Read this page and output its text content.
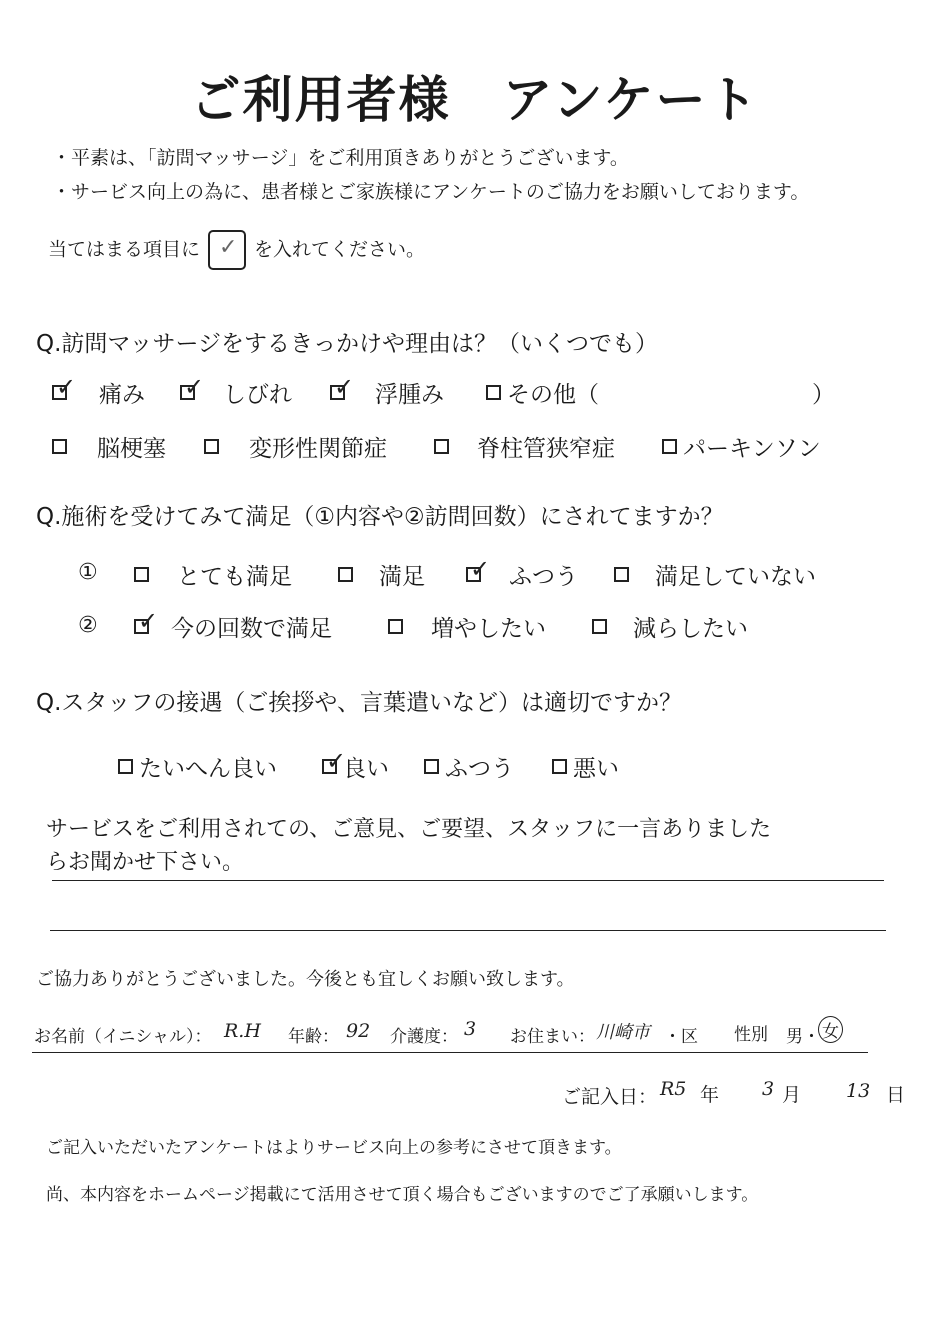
ご利用者様　アンケート
・平素は、「訪問マッサージ」をご利用頂きありがとうございます。
・サービス向上の為に、患者様とご家族様にアンケートのご協力をお願いしております。
当てはまる項目に ✓ を入れてください。
Q.訪問マッサージをするきっかけや理由は？（いくつでも）
✓ 痛み ✓ しびれ ✓ 浮腫み	その他（	）
脳梗塞	変形性関節症	脊柱管狭窄症	パーキンソン
Q.施術を受けてみて満足（①内容や②訪問回数）にされてますか？
①	とても満足	満足 ✓ ふつう	満足していない
② ✓ 今の回数で満足	増やしたい	減らしたい
Q.スタッフの接遇（ご挨拶や、言葉遣いなど）は適切ですか？
たいへん良い ✓
良い ふつう	悪い
サービスをご利用されての、ご意見、ご要望、スタッフに一言ありました
らお聞かせ下さい。
ご協力ありがとうございました。今後とも宜しくお願い致します。
お名前（イニシャル）： R.H 年齢： 92 介護度： 3 お住まい： 川崎市 ・区 性別 男・ 女
ご記入日： R5 年 3 月 13 日
ご記入いただいたアンケートはよりサービス向上の参考にさせて頂きます。
尚、本内容をホームページ掲載にて活用させて頂く場合もございますのでご了承願いします。
